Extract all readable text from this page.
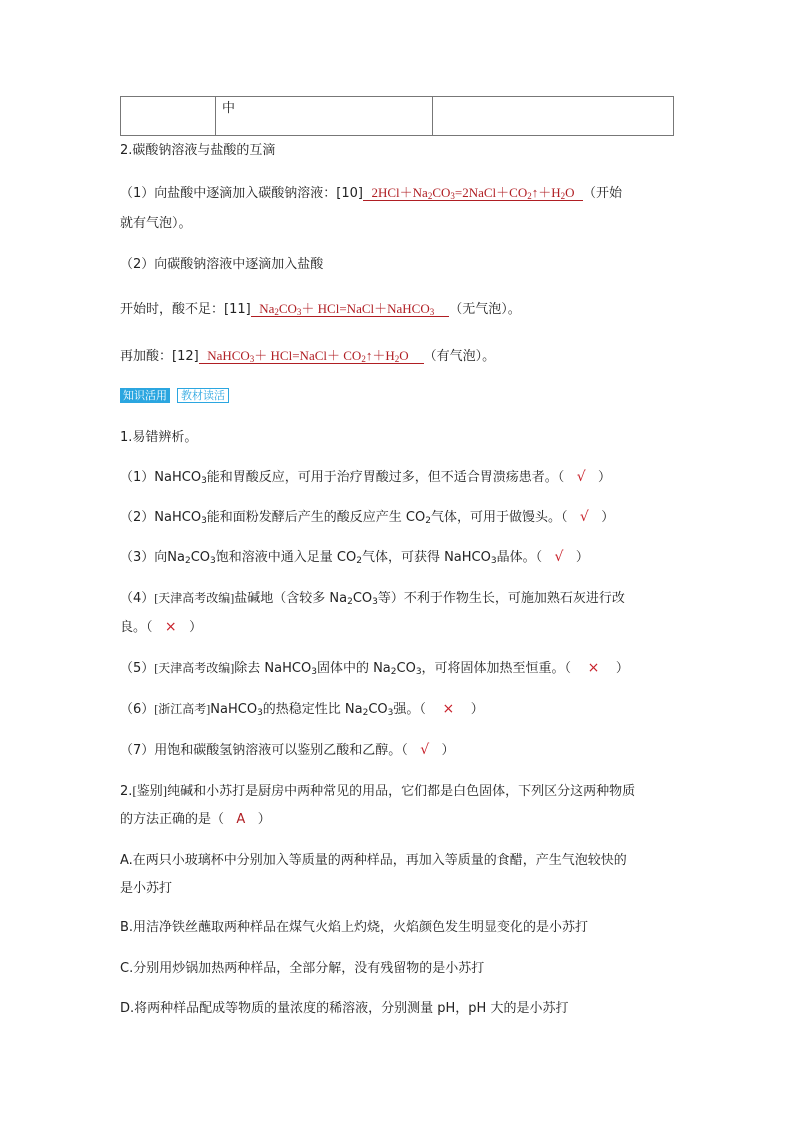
	中	
2.碳酸钠溶液与盐酸的互滴
（1）向盐酸中逐滴加入碳酸钠溶液：[10]  $2HCl+Na_2CO_3=2NaCl+CO_2↑+H_2O$  （开始
就有气泡）。
（2）向碳酸钠溶液中逐滴加入盐酸
开始时，酸不足：[11]  $Na_2CO_3+$ HCl=NaCl＋NaHCO$_3$ （无气泡）。
再加酸：[12]  NaHCO$_3$＋ HCl=NaCl＋ $CO_2↑+H_2O$    （有气泡）。
知识活用	教材读活
1.易错辨析。
（1）NaHCO$_3$能和胃酸反应，可用于治疗胃酸过多，但不适合胃溃疡患者。（ √ ）
（2）NaHCO$_3$能和面粉发酵后产生的酸反应产生 $CO_2$气体，可用于做馒头。（ √ ）
（3）向$Na_2CO_3$饱和溶液中通入足量 $CO_2$气体，可获得 NaHCO$_3$晶体。（ √ ）
（4）[天津高考改编]盐碱地（含较多 $Na_2CO_3$等）不利于作物生长，可施加熟石灰进行改
良。（ × ）
（5）[天津高考改编]除去 NaHCO$_3$固体中的 $Na_2CO_3$，可将固体加热至恒重。（ × ）
（6）[浙江高考]NaHCO$_3$的热稳定性比 $Na_2CO_3$强。（ × ）
（7）用饱和碳酸氢钠溶液可以鉴别乙酸和乙醇。（ √ ）
2.[鉴别]纯碱和小苏打是厨房中两种常见的用品，它们都是白色固体，下列区分这两种物质
的方法正确的是（ A ）
A.在两只小玻璃杯中分别加入等质量的两种样品，再加入等质量的食醋，产生气泡较快的
是小苏打
B.用洁净铁丝蘸取两种样品在煤气火焰上灼烧，火焰颜色发生明显变化的是小苏打
C.分别用炒锅加热两种样品，全部分解，没有残留物的是小苏打
D.将两种样品配成等物质的量浓度的稀溶液，分别测量 pH，pH 大的是小苏打
